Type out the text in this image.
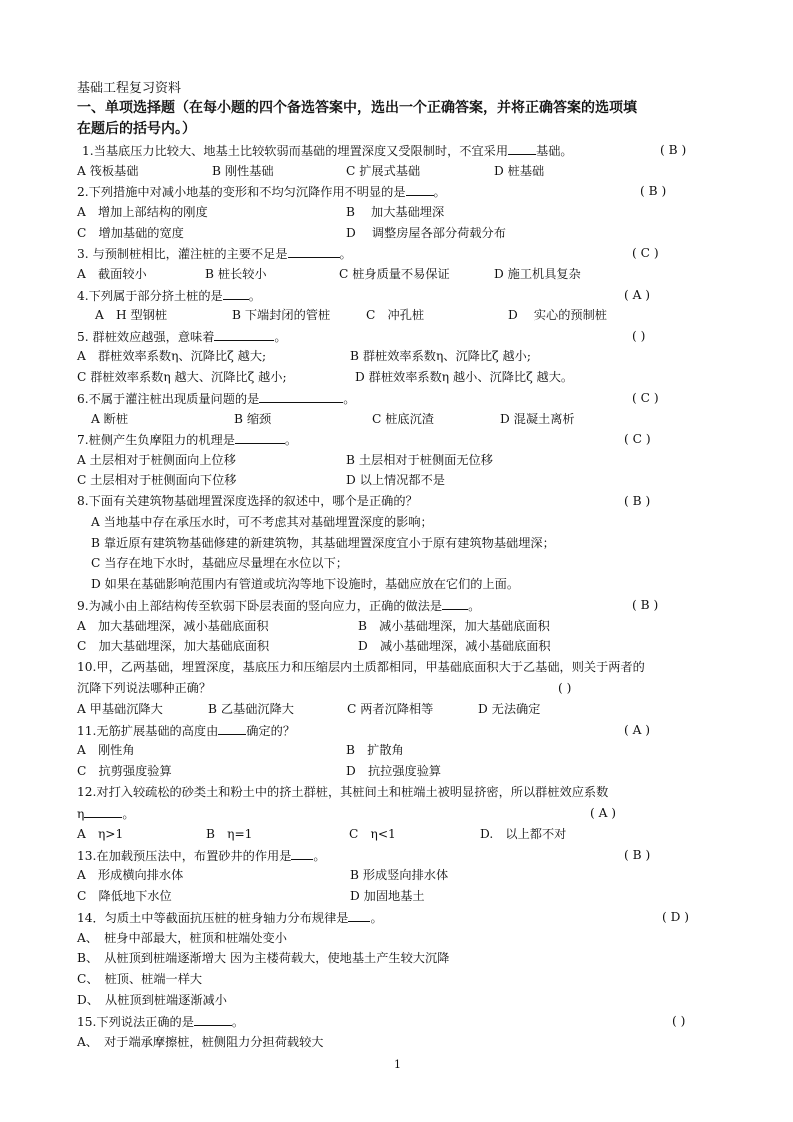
基础工程复习资料
一、单项选择题（在每小题的四个备选答案中，选出一个正确答案，并将正确答案的选项填
在题后的括号内。）
1.当基底压力比较大、地基土比较软弱而基础的埋置深度又受限制时，不宜采用 基础。	( B )
A 筏板基础	B 刚性基础	C 扩展式基础	D 桩基础
2.下列措施中对减小地基的变形和不均匀沉降作用不明显的是 。	( B )
A　增加上部结构的刚度	B　 加大基础埋深
C　增加基础的宽度	D　 调整房屋各部分荷载分布
3. 与预制桩相比，灌注桩的主要不足是	。	( C )
A　截面较小	B 桩长较小	C 桩身质量不易保证	D 施工机具复杂
4.下列属于部分挤土桩的是 。	( A )
A　H 型钢桩	B 下端封闭的管桩	C　冲孔桩	D　 实心的预制桩
5. 群桩效应越强，意味着	。	( )
A　群桩效率系数η、沉降比ζ 越大;	B 群桩效率系数η、沉降比ζ 越小;
C 群桩效率系数η 越大、沉降比ζ 越小;	D 群桩效率系数η 越小、沉降比ζ 越大。
6.不属于灌注桩出现质量问题的是	。	( C )
A 断桩	B 缩颈	C 桩底沉渣	D 混凝土离析
7.桩侧产生负摩阻力的机理是	。	( C )
A 土层相对于桩侧面向上位移	B 土层相对于桩侧面无位移
C 土层相对于桩侧面向下位移	D 以上情况都不是
8.下面有关建筑物基础埋置深度选择的叙述中，哪个是正确的？	( B )
A 当地基中存在承压水时，可不考虑其对基础埋置深度的影响；
B 靠近原有建筑物基础修建的新建筑物，其基础埋置深度宜小于原有建筑物基础埋深；
C 当存在地下水时，基础应尽量埋在水位以下；
D 如果在基础影响范围内有管道或坑沟等地下设施时，基础应放在它们的上面。
9.为减小由上部结构传至软弱下卧层表面的竖向应力，正确的做法是 。	( B )
A　加大基础埋深，减小基础底面积	B　减小基础埋深，加大基础底面积
C　加大基础埋深，加大基础底面积	D　减小基础埋深，减小基础底面积
10.甲，乙两基础，埋置深度，基底压力和压缩层内土质都相同，甲基础底面积大于乙基础，则关于两者的
沉降下列说法哪种正确？	( )
A 甲基础沉降大	B 乙基础沉降大	C 两者沉降相等	D 无法确定
11.无筋扩展基础的高度由 确定的？	( A )
A　刚性角	B　扩散角
C　抗剪强度验算	D　抗拉强度验算
12.对打入较疏松的砂类土和粉土中的挤土群桩，其桩间土和桩端土被明显挤密，所以群桩效应系数
η	。	( A )
A　η>1	B　η=1	C　η<1	D.　以上都不对
13.在加载预压法中，布置砂井的作用是 。	( B )
A　形成横向排水体	B 形成竖向排水体
C　降低地下水位	D 加固地基土
14．匀质土中等截面抗压桩的桩身轴力分布规律是 。	( D )
A、　桩身中部最大，桩顶和桩端处变小
B、　从桩顶到桩端逐渐增大 因为主楼荷载大，使地基土产生较大沉降
C、　桩顶、桩端一样大
D、　从桩顶到桩端逐渐减小
15.下列说法正确的是	。	( )
A、　对于端承摩擦桩，桩侧阻力分担荷载较大
1
